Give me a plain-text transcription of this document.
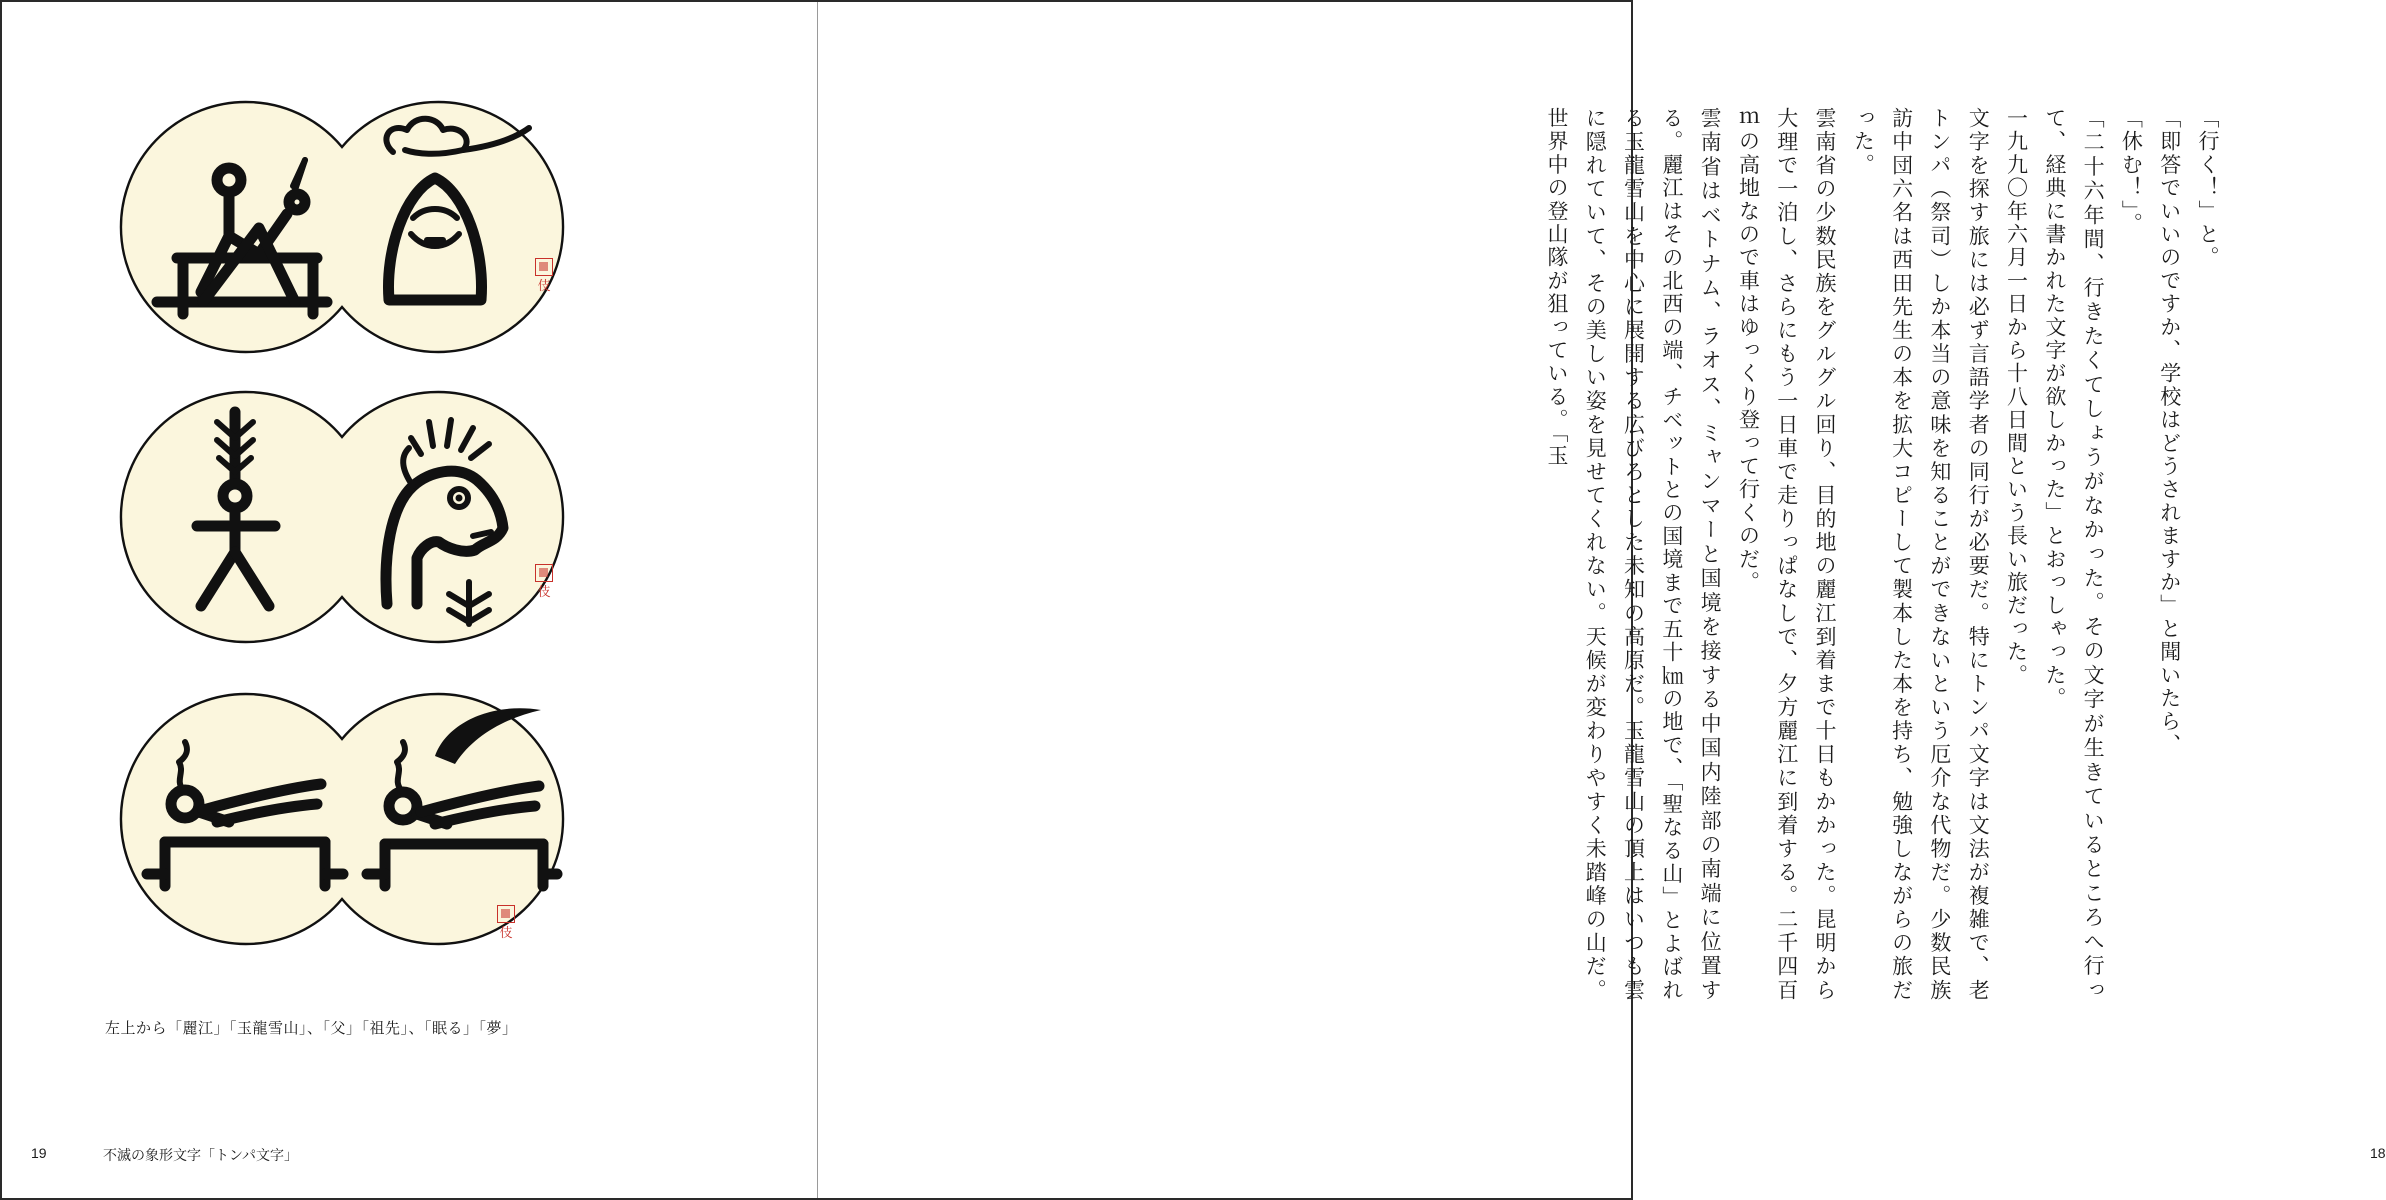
伎
伎
伎
左上から「麗江」「玉龍雪山」、「父」「祖先」、「眠る」「夢」
19	不滅の象形文字「トンパ文字」

「行く！」と。

「即答でいいのですか、学校はどうされますか」と聞いたら、

「休む！」。

「二十六年間、行きたくてしょうがなかった。その文字が生きているところへ行って、経典に書かれた文字が欲しかった」とおっしゃった。

一九九〇年六月一日から十八日間という長い旅だった。

文字を探す旅には必ず言語学者の同行が必要だ。特にトンパ文字は文法が複雑で、老トンパ（祭司）しか本当の意味を知ることができないという厄介な代物だ。少数民族訪中団六名は西田先生の本を拡大コピーして製本した本を持ち、勉強しながらの旅だった。

雲南省の少数民族をグルグル回り、目的地の麗江到着まで十日もかかった。昆明から大理で一泊し、さらにもう一日車で走りっぱなしで、夕方麗江に到着する。二千四百ｍの高地なので車はゆっくり登って行くのだ。

雲南省はベトナム、ラオス、ミャンマーと国境を接する中国内陸部の南端に位置する。麗江はその北西の端、チベットとの国境まで五十㎞の地で、「聖なる山」とよばれる玉龍雪山を中心に展開する広びろとした未知の高原だ。玉龍雪山の頂上はいつも雲に隠れていて、その美しい姿を見せてくれない。天候が変わりやすく未踏峰の山だ。世界中の登山隊が狙っている。「玉

18
